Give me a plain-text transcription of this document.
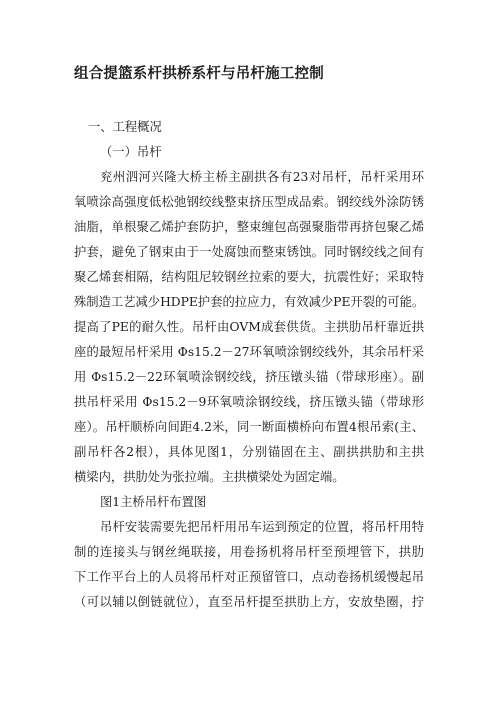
组合提篮系杆拱桥系杆与吊杆施工控制
一、工程概况
（一）吊杆
兖州泗河兴隆大桥主桥主副拱各有23对吊杆，吊杆采用环
氧喷涂高强度低松弛钢绞线整束挤压型成品索。钢绞线外涂防锈
油脂，单根聚乙烯护套防护，整束缠包高强聚脂带再挤包聚乙烯
护套，避免了钢束由于一处腐蚀而整束锈蚀。同时钢绞线之间有
聚乙烯套相隔，结构阻尼较钢丝拉索的要大，抗震性好；采取特
殊制造工艺减少HDPE护套的拉应力，有效减少PE开裂的可能。
提高了PE的耐久性。吊杆由OVM成套供货。主拱肋吊杆靠近拱
座的最短吊杆采用 Φs15.2－27环氧喷涂钢绞线外，其余吊杆采
用 Φs15.2－22环氧喷涂钢绞线，挤压镦头锚（带球形座）。副
拱吊杆采用 Φs15.2－9环氧喷涂钢绞线，挤压镦头锚（带球形
座）。吊杆顺桥向间距4.2米，同一断面横桥向布置4根吊索(主、
副吊杆各2根），具体见图1，分别锚固在主、副拱拱肋和主拱
横梁内，拱肋处为张拉端。主拱横梁处为固定端。
图1主桥吊杆布置图
吊杆安装需要先把吊杆用吊车运到预定的位置，将吊杆用特
制的连接头与钢丝绳联接，用卷扬机将吊杆至预埋管下，拱肋
下工作平台上的人员将吊杆对正预留管口，点动卷扬机缓慢起吊
（可以辅以倒链就位），直至吊杆提至拱肋上方，安放垫圈，拧
